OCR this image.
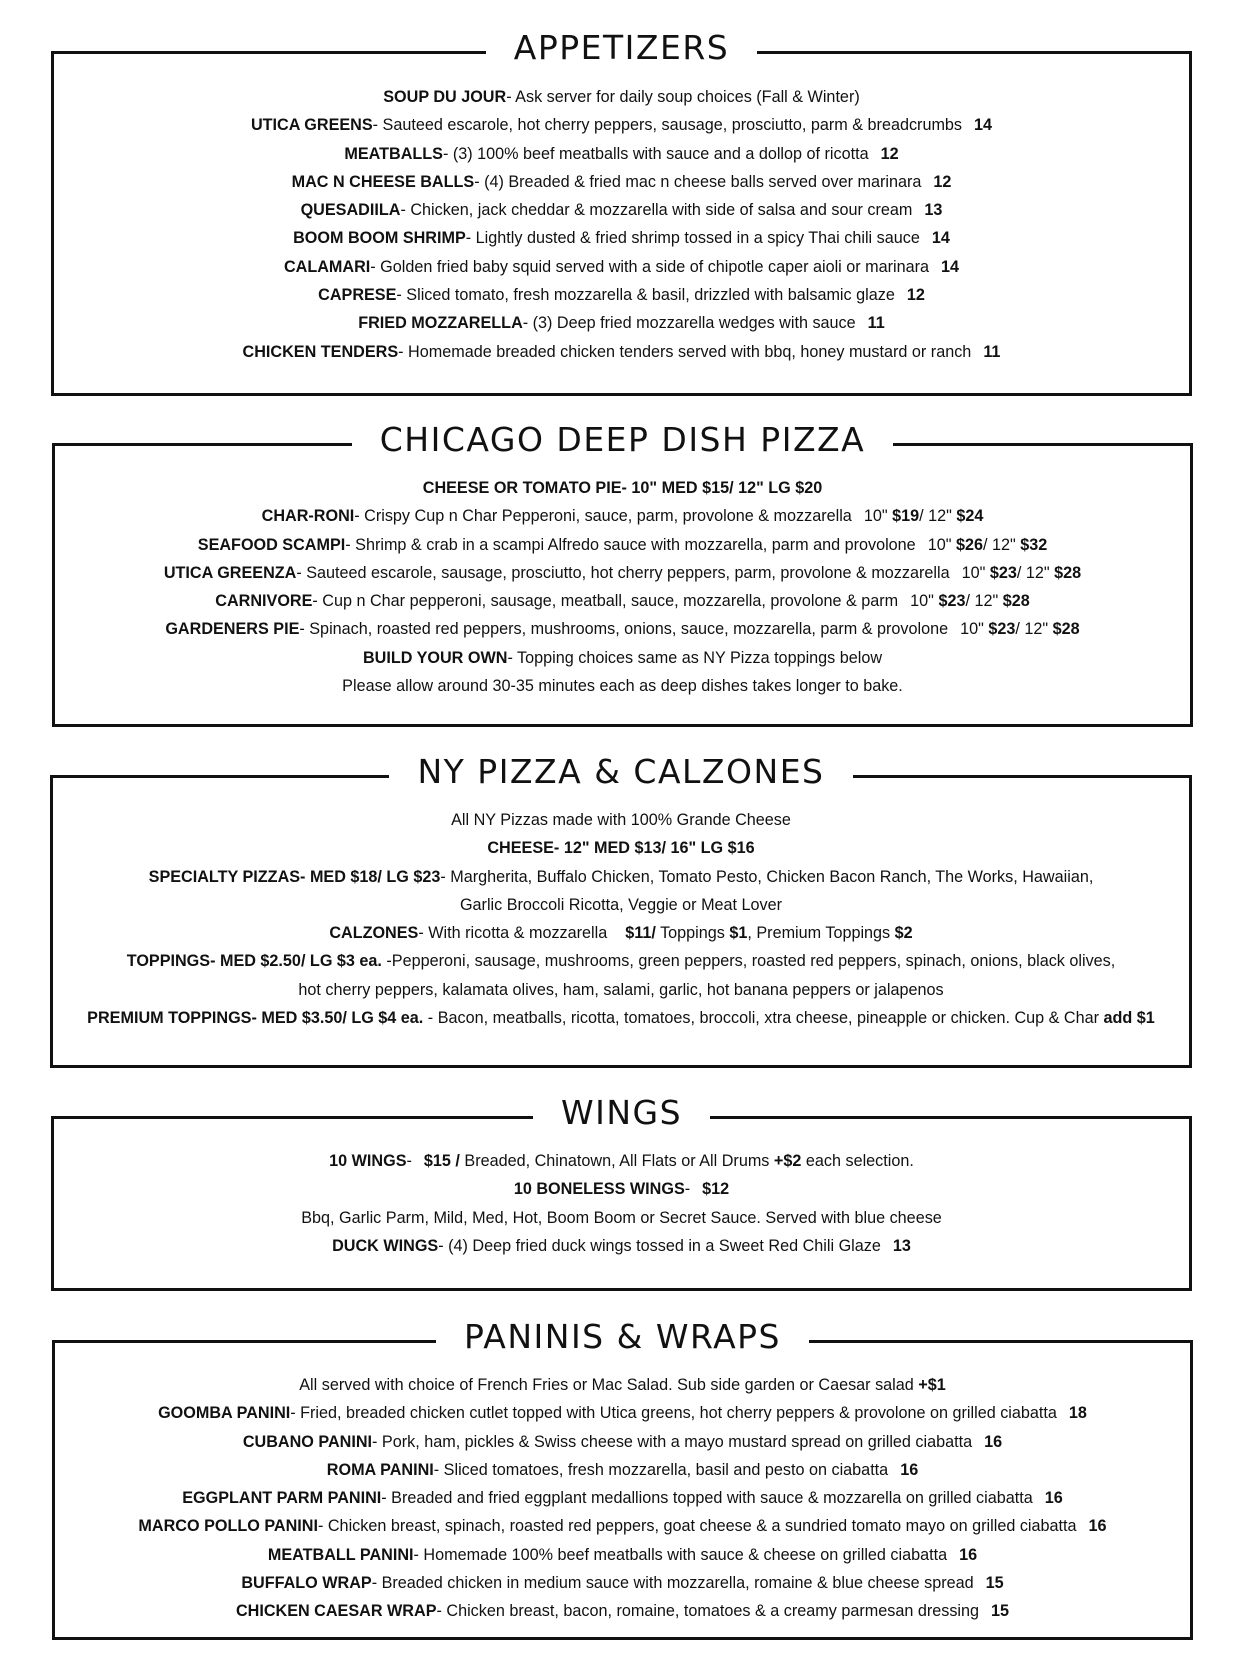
APPETIZERS
SOUP DU JOUR- Ask server for daily soup choices (Fall & Winter)
UTICA GREENS- Sauteed escarole, hot cherry peppers, sausage, prosciutto, parm & breadcrumbs 14
MEATBALLS- (3) 100% beef meatballs with sauce and a dollop of ricotta 12
MAC N CHEESE BALLS- (4) Breaded & fried mac n cheese balls served over marinara 12
QUESADIILA- Chicken, jack cheddar & mozzarella with side of salsa and sour cream 13
BOOM BOOM SHRIMP- Lightly dusted & fried shrimp tossed in a spicy Thai chili sauce 14
CALAMARI- Golden fried baby squid served with a side of chipotle caper aioli or marinara 14
CAPRESE- Sliced tomato, fresh mozzarella & basil, drizzled with balsamic glaze 12
FRIED MOZZARELLA- (3) Deep fried mozzarella wedges with sauce 11
CHICKEN TENDERS- Homemade breaded chicken tenders served with bbq, honey mustard or ranch 11
CHICAGO DEEP DISH PIZZA
CHEESE OR TOMATO PIE- 10" MED $15/ 12" LG $20
CHAR-RONI- Crispy Cup n Char Pepperoni, sauce, parm, provolone & mozzarella 10" $19/ 12" $24
SEAFOOD SCAMPI- Shrimp & crab in a scampi Alfredo sauce with mozzarella, parm and provolone 10" $26/ 12" $32
UTICA GREENZA- Sauteed escarole, sausage, prosciutto, hot cherry peppers, parm, provolone & mozzarella 10" $23/ 12" $28
CARNIVORE- Cup n Char pepperoni, sausage, meatball, sauce, mozzarella, provolone & parm 10" $23/ 12" $28
GARDENERS PIE- Spinach, roasted red peppers, mushrooms, onions, sauce, mozzarella, parm & provolone 10" $23/ 12" $28
BUILD YOUR OWN- Topping choices same as NY Pizza toppings below
Please allow around 30-35 minutes each as deep dishes takes longer to bake.
NY PIZZA & CALZONES
All NY Pizzas made with 100% Grande Cheese
CHEESE- 12" MED $13/ 16" LG $16
SPECIALTY PIZZAS- MED $18/ LG $23- Margherita, Buffalo Chicken, Tomato Pesto, Chicken Bacon Ranch, The Works, Hawaiian,
Garlic Broccoli Ricotta, Veggie or Meat Lover
CALZONES- With ricotta & mozzarella $11/ Toppings $1, Premium Toppings $2
TOPPINGS- MED $2.50/ LG $3 ea. -Pepperoni, sausage, mushrooms, green peppers, roasted red peppers, spinach, onions, black olives,
hot cherry peppers, kalamata olives, ham, salami, garlic, hot banana peppers or jalapenos
PREMIUM TOPPINGS- MED $3.50/ LG $4 ea. - Bacon, meatballs, ricotta, tomatoes, broccoli, xtra cheese, pineapple or chicken. Cup & Char add $1
WINGS
10 WINGS- $15 / Breaded, Chinatown, All Flats or All Drums +$2 each selection.
10 BONELESS WINGS- $12
Bbq, Garlic Parm, Mild, Med, Hot, Boom Boom or Secret Sauce. Served with blue cheese
DUCK WINGS- (4) Deep fried duck wings tossed in a Sweet Red Chili Glaze 13
PANINIS & WRAPS
All served with choice of French Fries or Mac Salad. Sub side garden or Caesar salad +$1
GOOMBA PANINI- Fried, breaded chicken cutlet topped with Utica greens, hot cherry peppers & provolone on grilled ciabatta 18
CUBANO PANINI- Pork, ham, pickles & Swiss cheese with a mayo mustard spread on grilled ciabatta 16
ROMA PANINI- Sliced tomatoes, fresh mozzarella, basil and pesto on ciabatta 16
EGGPLANT PARM PANINI- Breaded and fried eggplant medallions topped with sauce & mozzarella on grilled ciabatta 16
MARCO POLLO PANINI- Chicken breast, spinach, roasted red peppers, goat cheese & a sundried tomato mayo on grilled ciabatta 16
MEATBALL PANINI- Homemade 100% beef meatballs with sauce & cheese on grilled ciabatta 16
BUFFALO WRAP- Breaded chicken in medium sauce with mozzarella, romaine & blue cheese spread 15
CHICKEN CAESAR WRAP- Chicken breast, bacon, romaine, tomatoes & a creamy parmesan dressing 15
